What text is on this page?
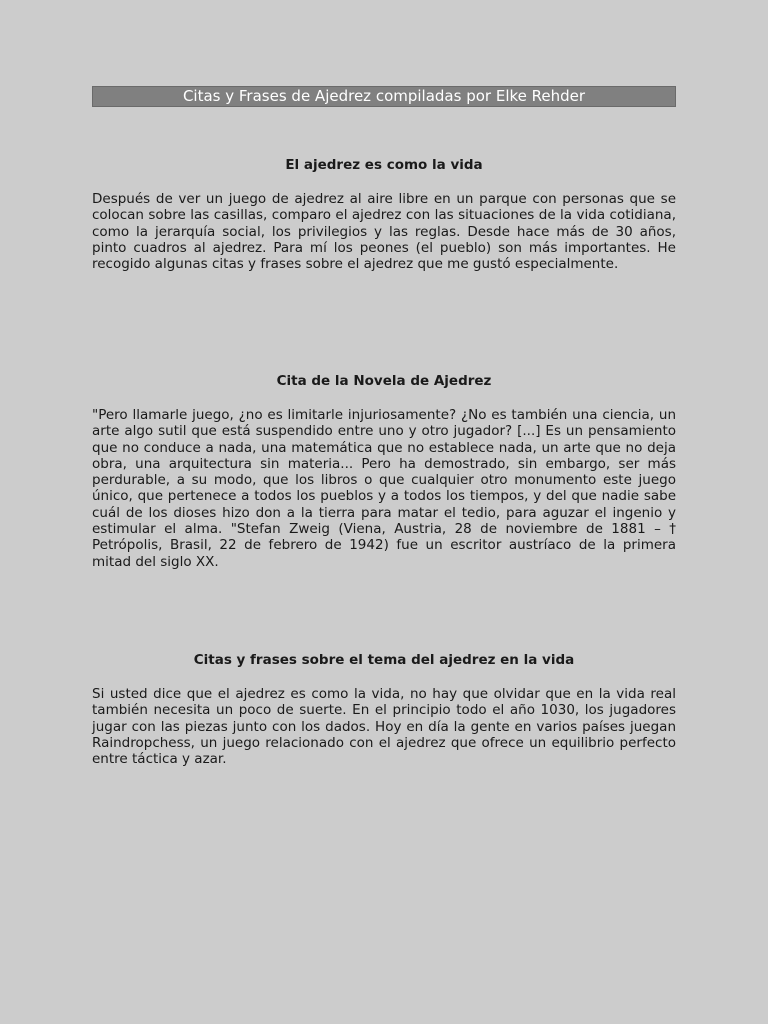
Citas y Frases de Ajedrez compiladas por Elke Rehder
El ajedrez es como la vida

Después de ver un juego de ajedrez al aire libre en un parque con personas que se colocan sobre las casillas, comparo el ajedrez con las situaciones de la vida cotidiana, como la jerarquía social, los privilegios y las reglas. Desde hace más de 30 años, pinto cuadros al ajedrez. Para mí los peones (el pueblo) son más importantes. He recogido algunas citas y frases sobre el ajedrez que me gustó especialmente.

Cita de la Novela de Ajedrez

"Pero llamarle juego, ¿no es limitarle injuriosamente? ¿No es también una ciencia, un arte algo sutil que está suspendido entre uno y otro jugador? [...] Es un pensamiento que no conduce a nada, una matemática que no establece nada, un arte que no deja obra, una arquitectura sin materia... Pero ha demostrado, sin embargo, ser más perdurable, a su modo, que los libros o que cualquier otro monumento este juego único, que pertenece a todos los pueblos y a todos los tiempos, y del que nadie sabe cuál de los dioses hizo don a la tierra para matar el tedio, para aguzar el ingenio y estimular el alma. "Stefan Zweig (Viena, Austria, 28 de noviembre de 1881 – † Petrópolis, Brasil, 22 de febrero de 1942) fue un escritor austríaco de la primera mitad del siglo XX.

Citas y frases sobre el tema del ajedrez en la vida

Si usted dice que el ajedrez es como la vida, no hay que olvidar que en la vida real también necesita un poco de suerte. En el principio todo el año 1030, los jugadores jugar con las piezas junto con los dados. Hoy en día la gente en varios países juegan Raindropchess, un juego relacionado con el ajedrez que ofrece un equilibrio perfecto entre táctica y azar.
